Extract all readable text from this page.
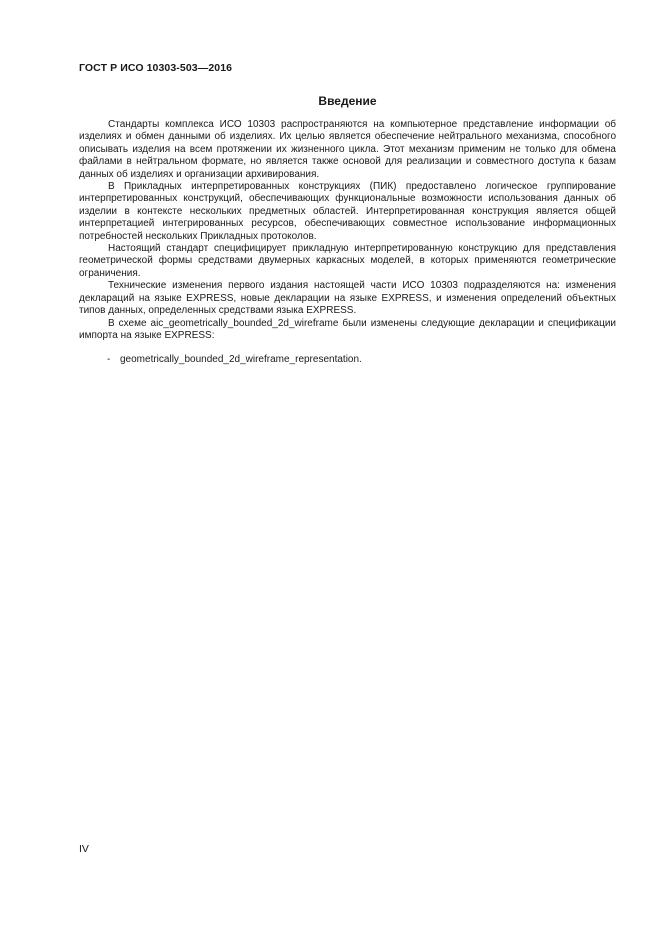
ГОСТ Р ИСО 10303-503—2016
Введение

Стандарты комплекса ИСО 10303 распространяются на компьютерное представление информации об изделиях и обмен данными об изделиях. Их целью является обеспечение нейтрального механизма, способного описывать изделия на всем протяжении их жизненного цикла. Этот механизм применим не только для обмена файлами в нейтральном формате, но является также основой для реализации и совместного доступа к базам данных об изделиях и организации архивирования.

В Прикладных интерпретированных конструкциях (ПИК) предоставлено логическое группирование интерпретированных конструкций, обеспечивающих функциональные возможности использования данных об изделии в контексте нескольких предметных областей. Интерпретированная конструкция является общей интерпретацией интегрированных ресурсов, обеспечивающих совместное использование информационных потребностей нескольких Прикладных протоколов.

Настоящий стандарт специфицирует прикладную интерпретированную конструкцию для представления геометрической формы средствами двумерных каркасных моделей, в которых применяются геометрические ограничения.

Технические изменения первого издания настоящей части ИСО 10303 подразделяются на: изменения деклараций на языке EXPRESS, новые декларации на языке EXPRESS, и изменения определений объектных типов данных, определенных средствами языка EXPRESS.

В схеме aic_geometrically_bounded_2d_wireframe были изменены следующие декларации и спецификации импорта на языке EXPRESS:

- geometrically_bounded_2d_wireframe_representation.
IV
